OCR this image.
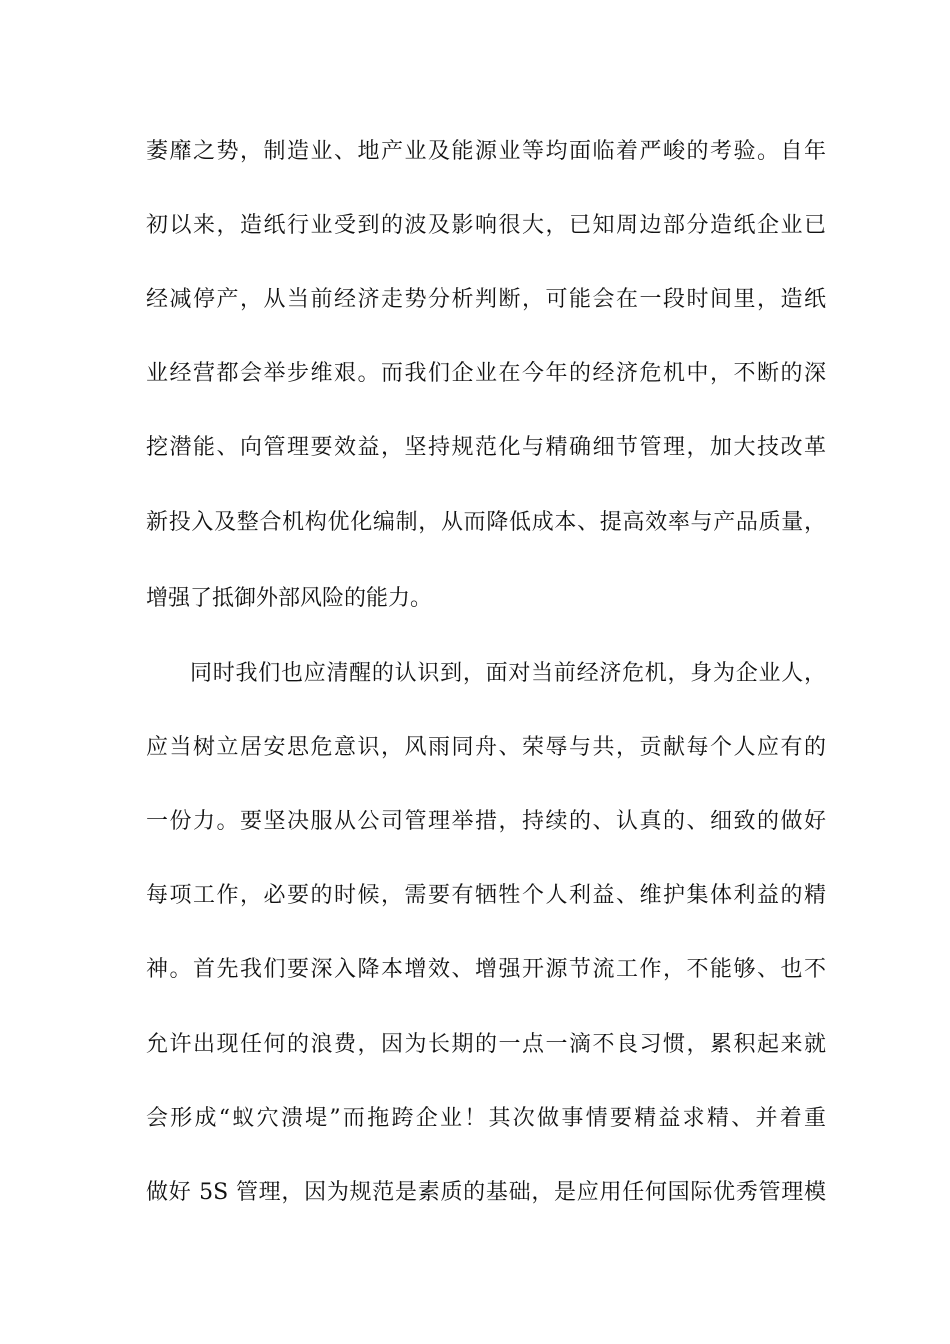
萎靡之势，制造业、地产业及能源业等均面临着严峻的考验。自年
初以来，造纸行业受到的波及影响很大，已知周边部分造纸企业已
经减停产，从当前经济走势分析判断，可能会在一段时间里，造纸
业经营都会举步维艰。而我们企业在今年的经济危机中，不断的深
挖潜能、向管理要效益，坚持规范化与精确细节管理，加大技改革
新投入及整合机构优化编制，从而降低成本、提高效率与产品质量，
增强了抵御外部风险的能力。
同时我们也应清醒的认识到，面对当前经济危机，身为企业人，
应当树立居安思危意识，风雨同舟、荣辱与共，贡献每个人应有的
一份力。要坚决服从公司管理举措，持续的、认真的、细致的做好
每项工作，必要的时候，需要有牺牲个人利益、维护集体利益的精
神。首先我们要深入降本增效、增强开源节流工作，不能够、也不
允许出现任何的浪费，因为长期的一点一滴不良习惯，累积起来就
会形成“蚁穴溃堤”而拖跨企业！其次做事情要精益求精、并着重
做好 5S 管理，因为规范是素质的基础，是应用任何国际优秀管理模
